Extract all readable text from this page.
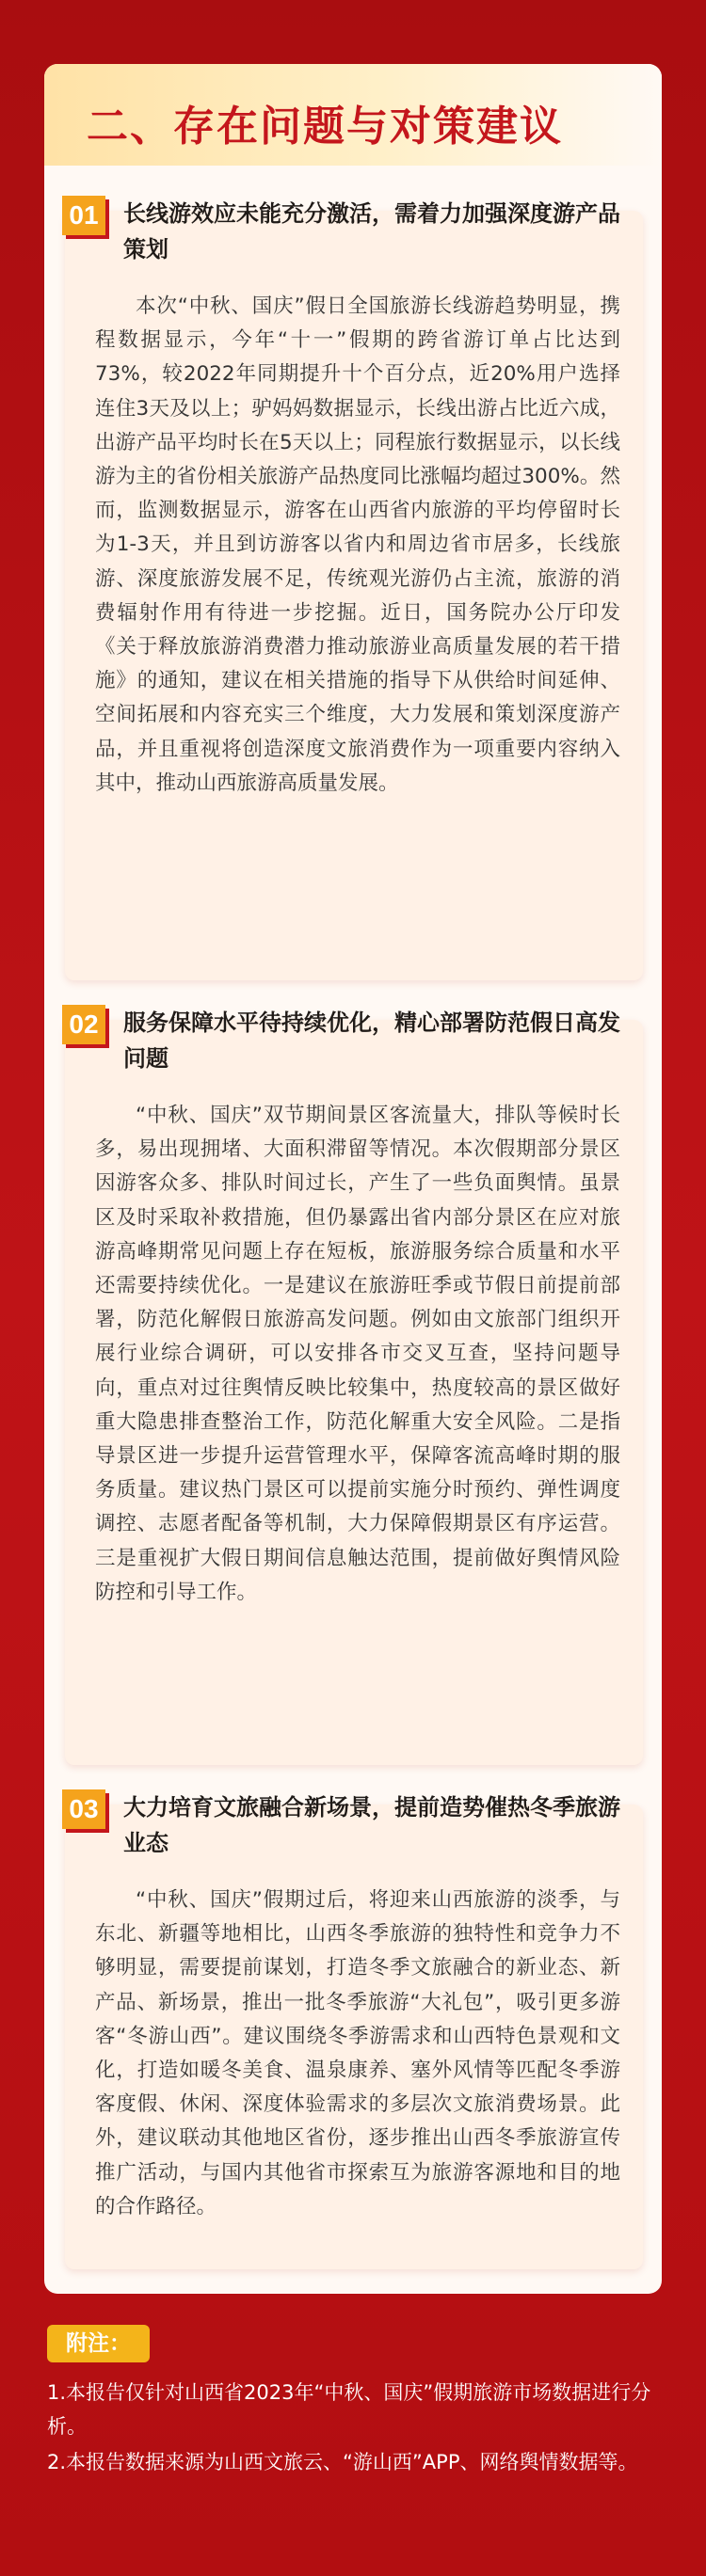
二、存在问题与对策建议
01	长线游效应未能充分激活，需着力加强深度游产品策划
本次“中秋、国庆”假日全国旅游长线游趋势明显，携程数据显示，今年“十一”假期的跨省游订单占比达到73%，较2022年同期提升十个百分点，近20%用户选择连住3天及以上；驴妈妈数据显示，长线出游占比近六成，出游产品平均时长在5天以上；同程旅行数据显示，以长线游为主的省份相关旅游产品热度同比涨幅均超过300%。然而，监测数据显示，游客在山西省内旅游的平均停留时长为1-3天，并且到访游客以省内和周边省市居多，长线旅游、深度旅游发展不足，传统观光游仍占主流，旅游的消费辐射作用有待进一步挖掘。近日，国务院办公厅印发《关于释放旅游消费潜力推动旅游业高质量发展的若干措施》的通知，建议在相关措施的指导下从供给时间延伸、空间拓展和内容充实三个维度，大力发展和策划深度游产品，并且重视将创造深度文旅消费作为一项重要内容纳入其中，推动山西旅游高质量发展。
02	服务保障水平待持续优化，精心部署防范假日高发问题
“中秋、国庆”双节期间景区客流量大，排队等候时长多，易出现拥堵、大面积滞留等情况。本次假期部分景区因游客众多、排队时间过长，产生了一些负面舆情。虽景区及时采取补救措施，但仍暴露出省内部分景区在应对旅游高峰期常见问题上存在短板，旅游服务综合质量和水平还需要持续优化。一是建议在旅游旺季或节假日前提前部署，防范化解假日旅游高发问题。例如由文旅部门组织开展行业综合调研，可以安排各市交叉互查，坚持问题导向，重点对过往舆情反映比较集中，热度较高的景区做好重大隐患排查整治工作，防范化解重大安全风险。二是指导景区进一步提升运营管理水平，保障客流高峰时期的服务质量。建议热门景区可以提前实施分时预约、弹性调度调控、志愿者配备等机制，大力保障假期景区有序运营。三是重视扩大假日期间信息触达范围，提前做好舆情风险防控和引导工作。
03	大力培育文旅融合新场景，提前造势催热冬季旅游业态
“中秋、国庆”假期过后，将迎来山西旅游的淡季，与东北、新疆等地相比，山西冬季旅游的独特性和竞争力不够明显，需要提前谋划，打造冬季文旅融合的新业态、新产品、新场景，推出一批冬季旅游“大礼包”，吸引更多游客“冬游山西”。建议围绕冬季游需求和山西特色景观和文化，打造如暖冬美食、温泉康养、塞外风情等匹配冬季游客度假、休闲、深度体验需求的多层次文旅消费场景。此外，建议联动其他地区省份，逐步推出山西冬季旅游宣传推广活动，与国内其他省市探索互为旅游客源地和目的地的合作路径。
附注：

1.本报告仅针对山西省2023年“中秋、国庆”假期旅游市场数据进行分析。

2.本报告数据来源为山西文旅云、“游山西”APP、网络舆情数据等。
